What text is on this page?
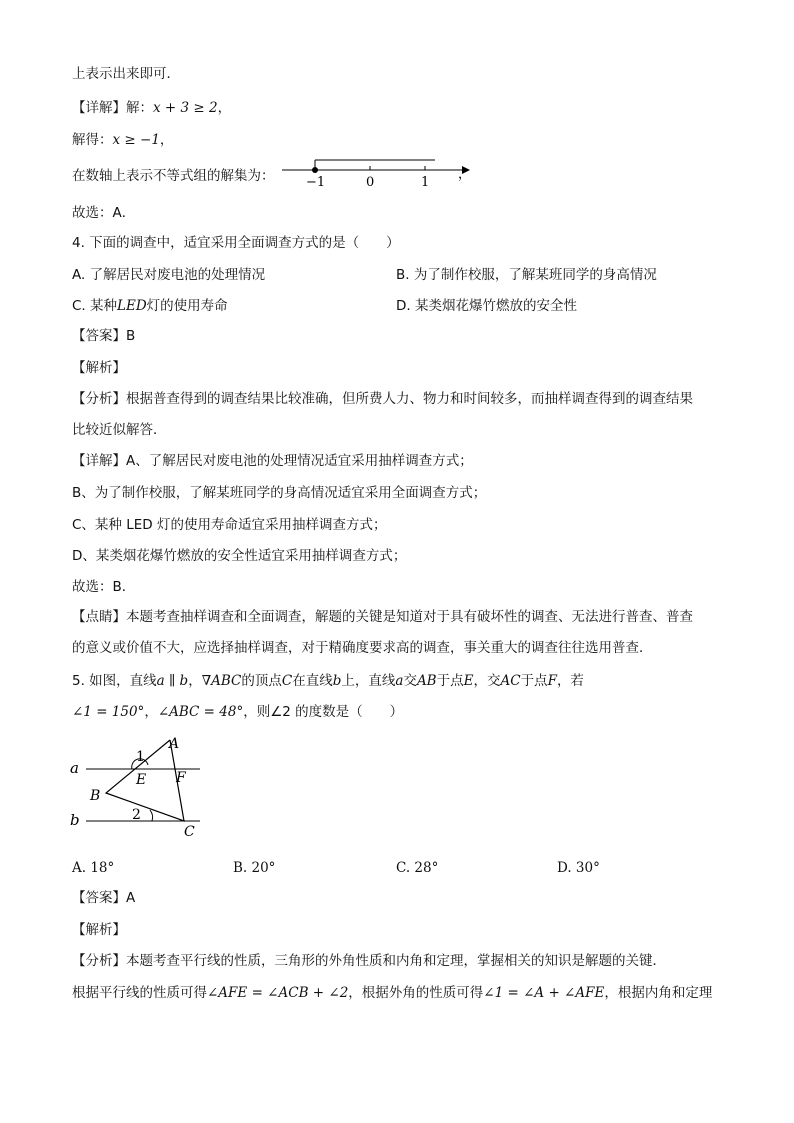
上表示出来即可．
【详解】解：x + 3 ≥ 2，
解得：x ≥ −1，
在数轴上表示不等式组的解集为： −1	0	1
，
故选：A．
4. 下面的调查中，适宜采用全面调查方式的是（　　）
A. 了解居民对废电池的处理情况	B. 为了制作校服，了解某班同学的身高情况
C. 某种LED灯的使用寿命	D. 某类烟花爆竹燃放的安全性
【答案】B
【解析】
【分析】根据普查得到的调查结果比较准确，但所费人力、物力和时间较多，而抽样调查得到的调查结果
比较近似解答．
【详解】A、了解居民对废电池的处理情况适宜采用抽样调查方式；
B、为了制作校服，了解某班同学的身高情况适宜采用全面调查方式；
C、某种 LED 灯的使用寿命适宜采用抽样调查方式；
D、某类烟花爆竹燃放的安全性适宜采用抽样调查方式；
故选：B．
【点睛】本题考查抽样调查和全面调查，解题的关键是知道对于具有破坏性的调查、无法进行普查、普查
的意义或价值不大，应选择抽样调查，对于精确度要求高的调查，事关重大的调查往往选用普查．
5. 如图，直线a ∥ b，∇ABC的顶点C在直线b上，直线a交AB于点E，交AC于点F，若
∠1 = 150°，∠ABC = 48°，则∠2 的度数是（　　）
a
b
A
B
C
E F
1
2
A. 18°	B. 20°	C. 28°	D. 30°
【答案】A
【解析】
【分析】本题考查平行线的性质，三角形的外角性质和内角和定理，掌握相关的知识是解题的关键．
根据平行线的性质可得∠AFE = ∠ACB + ∠2，根据外角的性质可得∠1 = ∠A + ∠AFE，根据内角和定理
